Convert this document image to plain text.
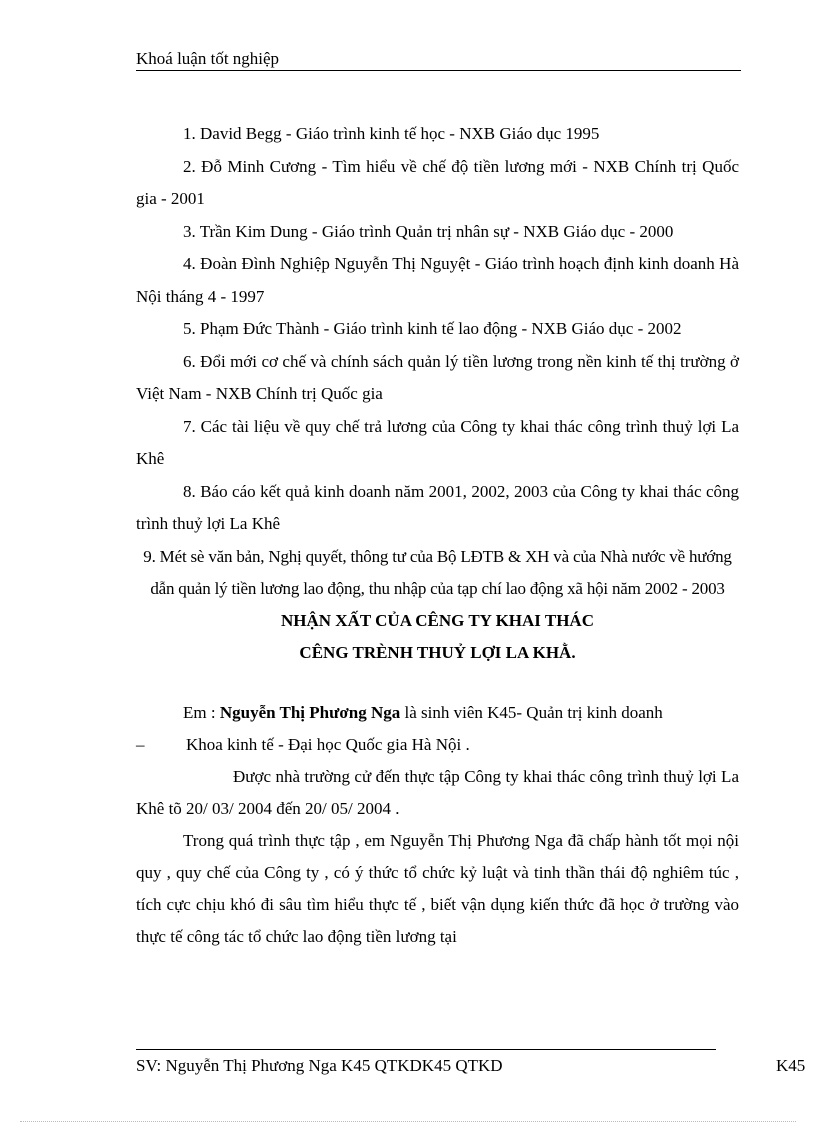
Khoá luận tốt nghiệp

1. David Begg - Giáo trình kinh tế học - NXB Giáo dục 1995

2. Đỗ Minh Cương - Tìm hiểu về chế độ tiền lương mới - NXB Chính trị Quốc gia - 2001

3. Trần Kim Dung - Giáo trình Quản trị nhân sự - NXB Giáo dục - 2000

4. Đoàn Đình Nghiệp Nguyễn Thị Nguyệt - Giáo trình hoạch định kinh doanh Hà Nội tháng 4 - 1997

5. Phạm Đức Thành - Giáo trình kinh tế lao động - NXB Giáo dục - 2002

6. Đổi mới cơ chế và chính sách quản lý tiền lương trong nền kinh tế thị trường ở Việt Nam - NXB Chính trị Quốc gia

7. Các tài liệu về quy chế trả lương của Công ty khai thác công trình thuỷ lợi La Khê

8. Báo cáo kết quả kinh doanh năm 2001, 2002, 2003 của Công ty khai thác công trình thuỷ lợi La Khê

9. Mét sè văn bản, Nghị quyết, thông tư của Bộ LĐTB & XH và của Nhà nước về hướng dẫn quản lý tiền lương lao động, thu nhập của tạp chí lao động xã hội năm 2002 - 2003

NHẬN XẤT CỦA CÊNG TY KHAI THÁC

CÊNG TRÈNH THUỶ LỢI LA KHẰ.

Em : Nguyễn Thị Phương Nga là sinh viên K45- Quản trị kinh doanh

– Khoa kinh tế - Đại học Quốc gia Hà Nội .

Được nhà trường cử đến thực tập Công ty khai thác công trình thuỷ lợi La Khê tõ 20/ 03/ 2004 đến 20/ 05/ 2004 .

Trong quá trình thực tập , em Nguyễn Thị Phương Nga đã chấp hành tốt mọi nội quy , quy chế của Công ty , có ý thức tổ chức kỷ luật và tinh thần thái độ nghiêm túc , tích cực chịu khó đi sâu tìm hiểu thực tế , biết vận dụng kiến thức đã học ở trường vào thực tế công tác tổ chức lao động tiền lương tại

SV: Nguyễn Thị Phương Nga K45 QTKDK45 QTKD	K45
